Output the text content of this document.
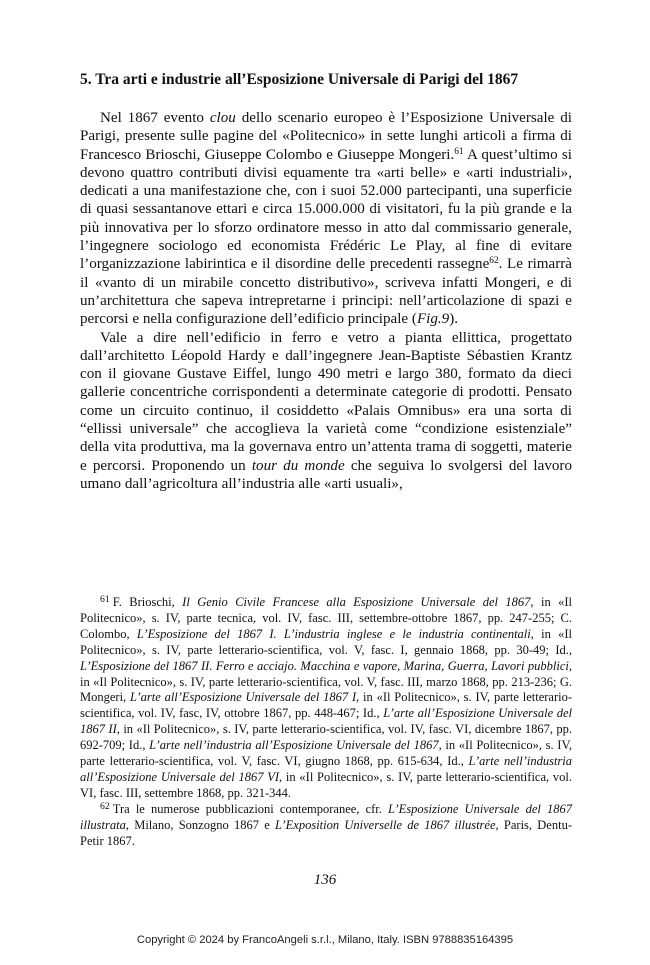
5. Tra arti e industrie all’Esposizione Universale di Parigi del 1867

Nel 1867 evento clou dello scenario europeo è l’Esposizione Universale di Parigi, presente sulle pagine del «Politecnico» in sette lunghi articoli a firma di Francesco Brioschi, Giuseppe Colombo e Giuseppe Mongeri.$^{61}$ A quest’ultimo si devono quattro contributi divisi equamente tra «arti belle» e «arti industriali», dedicati a una manifestazione che, con i suoi 52.000 partecipanti, una superficie di quasi sessantanove ettari e circa 15.000.000 di visitatori, fu la più grande e la più innovativa per lo sforzo ordinatore messo in atto dal commissario generale, l’ingegnere sociologo ed economista Frédéric Le Play, al fine di evitare l’organizzazione labirintica e il disordine delle precedenti rassegne$^{62}$. Le rimarrà il «vanto di un mirabile concetto distributivo», scriveva infatti Mongeri, e di un’architettura che sapeva intrepretarne i principi: nell’articolazione di spazi e percorsi e nella configurazione dell’edificio principale (Fig.9).

Vale a dire nell’edificio in ferro e vetro a pianta ellittica, progettato dall’architetto Léopold Hardy e dall’ingegnere Jean-Baptiste Sébastien Krantz con il giovane Gustave Eiffel, lungo 490 metri e largo 380, formato da dieci gallerie concentriche corrispondenti a determinate categorie di prodotti. Pensato come un circuito continuo, il cosiddetto «Palais Omnibus» era una sorta di “ellissi universale” che accoglieva la varietà come “condizione esistenziale” della vita produttiva, ma la governava entro un’attenta trama di soggetti, materie e percorsi. Proponendo un tour du monde che seguiva lo svolgersi del lavoro umano dall’agricoltura all’industria alle «arti usuali»,

$^{61}$ F. Brioschi, Il Genio Civile Francese alla Esposizione Universale del 1867, in «Il Politecnico», s. IV, parte tecnica, vol. IV, fasc. III, settembre-ottobre 1867, pp. 247-255; C. Colombo, L’Esposizione del 1867 I. L’industria inglese e le industria continentali, in «Il Politecnico», s. IV, parte letterario-scientifica, vol. V, fasc. I, gennaio 1868, pp. 30-49; Id., L’Esposizione del 1867 II. Ferro e acciajo. Macchina e vapore, Marina, Guerra, Lavori pubblici, in «Il Politecnico», s. IV, parte letterario-scientifica, vol. V, fasc. III, marzo 1868, pp. 213-236; G. Mongeri, L’arte all’Esposizione Universale del 1867 I, in «Il Politecnico», s. IV, parte letterario-scientifica, vol. IV, fasc, IV, ottobre 1867, pp. 448-467; Id., L’arte all’Esposizione Universale del 1867 II, in «Il Politecnico», s. IV, parte letterario-scientifica, vol. IV, fasc. VI, dicembre 1867, pp. 692-709; Id., L’arte nell’industria all’Esposizione Universale del 1867, in «Il Politecnico», s. IV, parte letterario-scientifica, vol. V, fasc. VI, giugno 1868, pp. 615-634, Id., L’arte nell’industria all’Esposizione Universale del 1867 VI, in «Il Politecnico», s. IV, parte letterario-scientifica, vol. VI, fasc. III, settembre 1868, pp. 321-344.

$^{62}$ Tra le numerose pubblicazioni contemporanee, cfr. L’Esposizione Universale del 1867 illustrata, Milano, Sonzogno 1867 e L’Exposition Universelle de 1867 illustrée, Paris, Dentu-Petir 1867.

136
Copyright © 2024 by FrancoAngeli s.r.l., Milano, Italy. ISBN 9788835164395
